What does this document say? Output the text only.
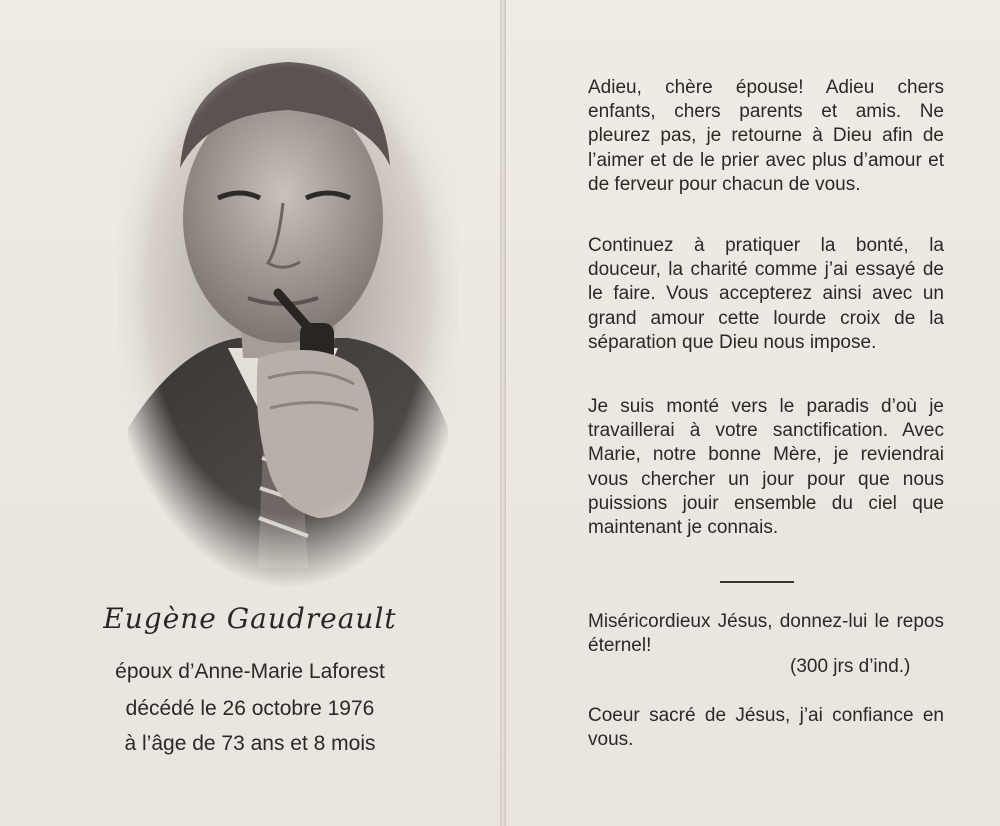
Eugène Gaudreault
époux d’Anne-Marie Laforest
décédé le 26 octobre 1976
à l’âge de 73 ans et 8 mois
Adieu, chère épouse! Adieu chers enfants, chers parents et amis. Ne pleurez pas, je retourne à Dieu afin de l’aimer et de le prier avec plus d’amour et de ferveur pour chacun de vous.
Continuez à pratiquer la bonté, la douceur, la charité comme j’ai essayé de le faire. Vous accepterez ainsi avec un grand amour cette lourde croix de la séparation que Dieu nous impose.
Je suis monté vers le paradis d’où je travaillerai à votre sanctification. Avec Marie, notre bonne Mère, je reviendrai vous chercher un jour pour que nous puissions jouir ensemble du ciel que maintenant je connais.
Miséricordieux Jésus, donnez-lui le repos éternel!
(300 jrs d’ind.)
Coeur sacré de Jésus, j’ai confiance en vous.
